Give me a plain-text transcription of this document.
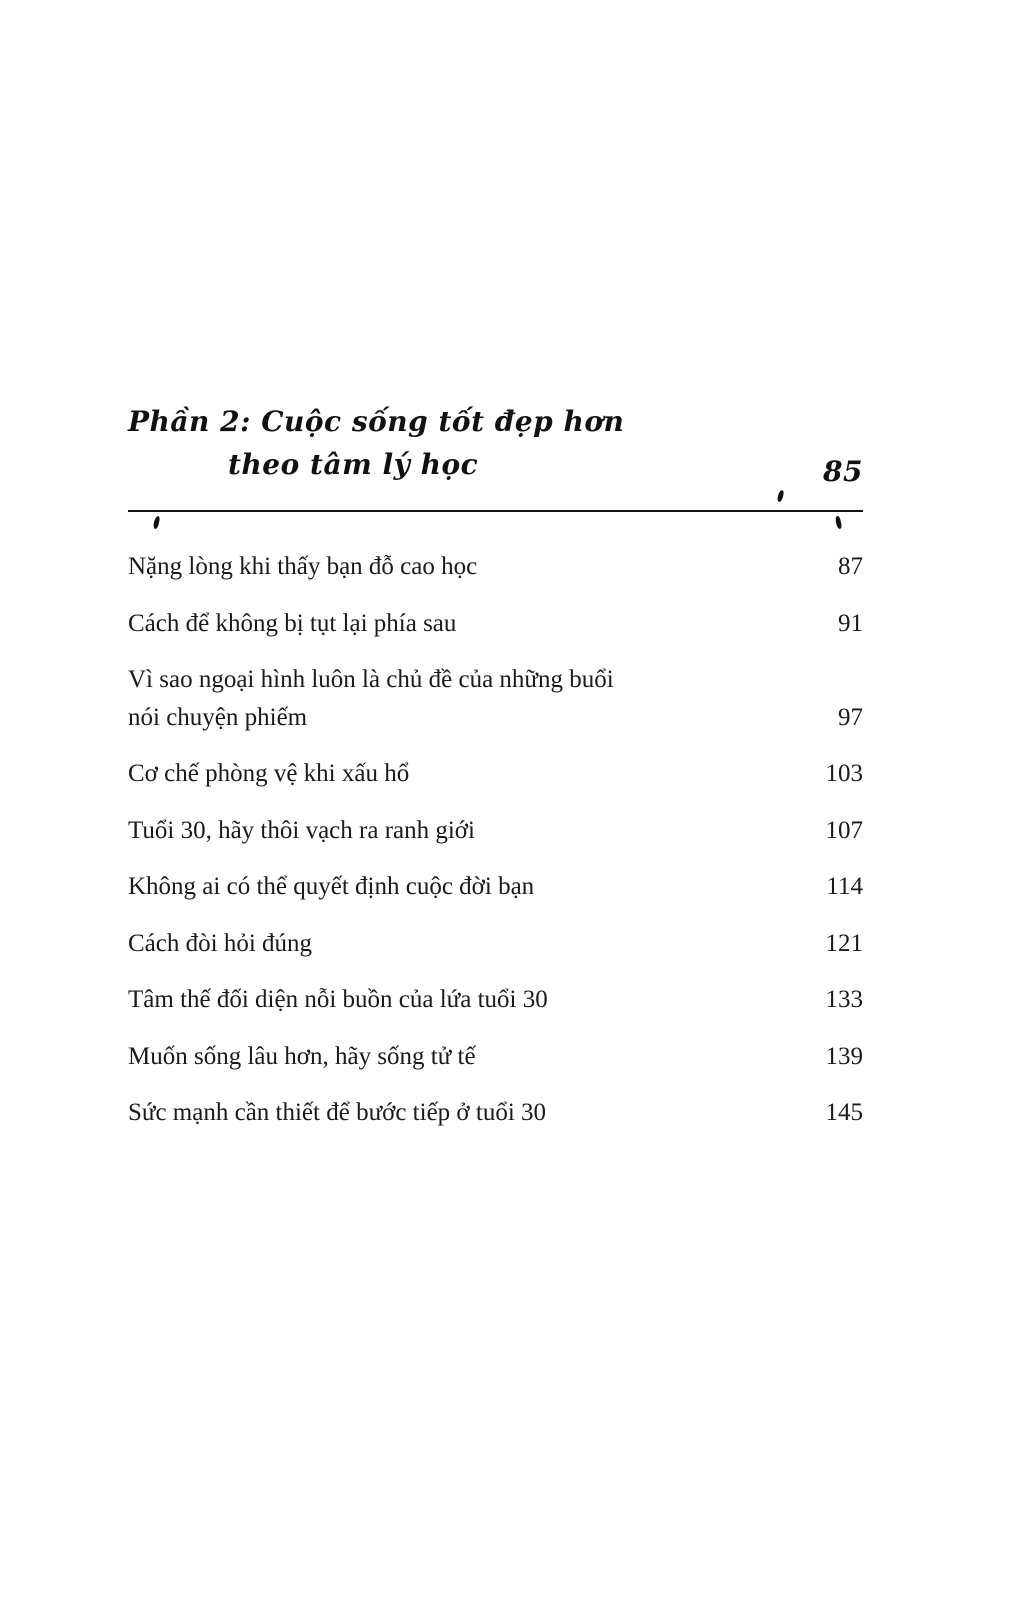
Phần 2: Cuộc sống tốt đẹp hơn
theo tâm lý học	85
Nặng lòng khi thấy bạn đỗ cao học	87
Cách để không bị tụt lại phía sau	91
Vì sao ngoại hình luôn là chủ đề của những buổi
nói chuyện phiếm	97
Cơ chế phòng vệ khi xấu hổ	103
Tuổi 30, hãy thôi vạch ra ranh giới	107
Không ai có thể quyết định cuộc đời bạn	114
Cách đòi hỏi đúng	121
Tâm thế đối diện nỗi buồn của lứa tuổi 30	133
Muốn sống lâu hơn, hãy sống tử tế	139
Sức mạnh cần thiết để bước tiếp ở tuổi 30	145
